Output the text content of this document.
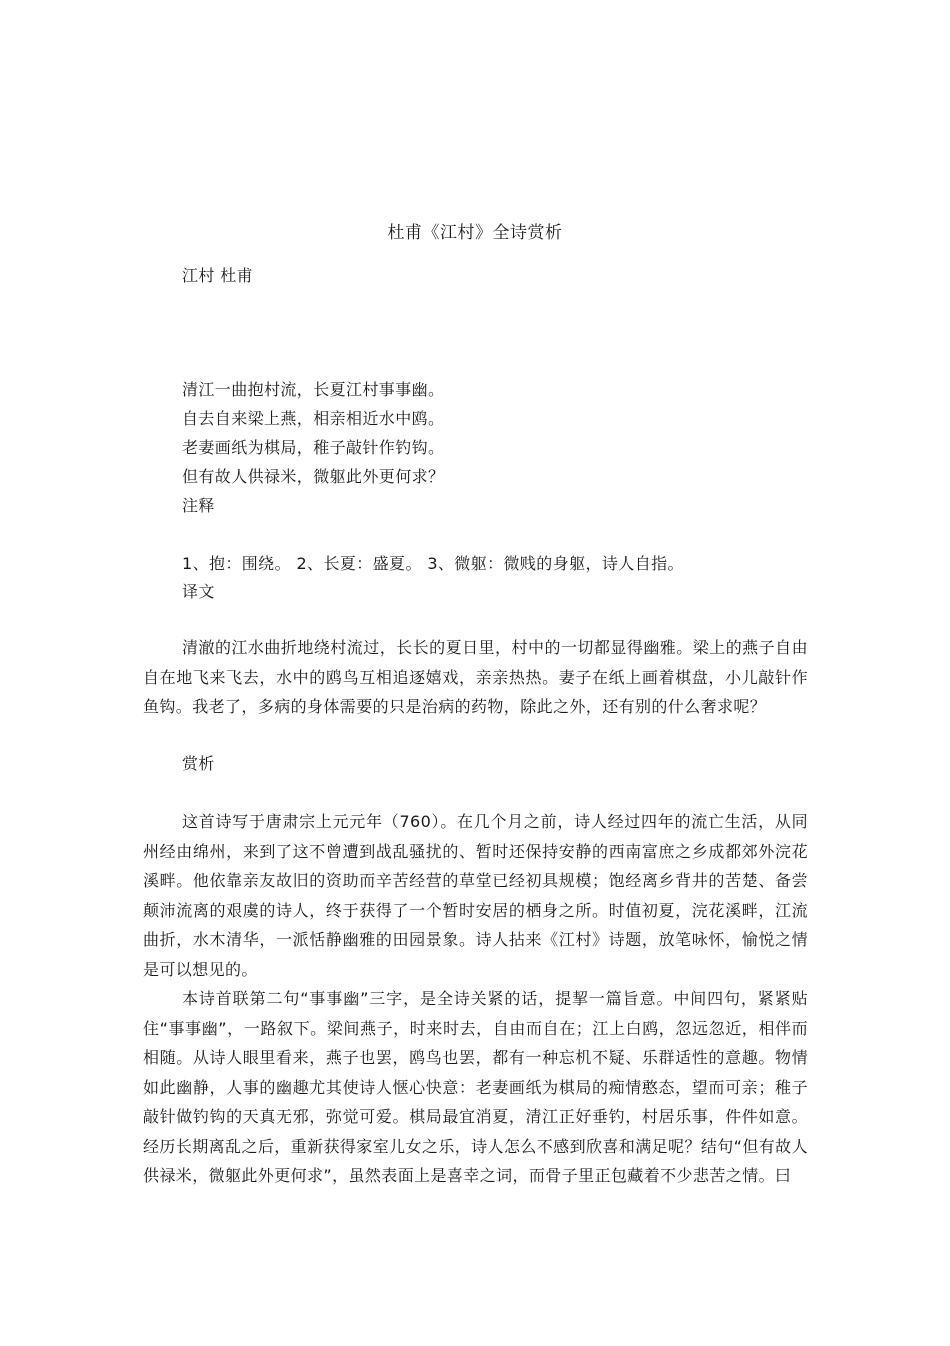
杜甫《江村》全诗赏析
江村 杜甫
清江一曲抱村流，长夏江村事事幽。
自去自来梁上燕，相亲相近水中鸥。
老妻画纸为棋局，稚子敲针作钓钩。
但有故人供禄米，微躯此外更何求？
注释
1、抱：围绕。 2、长夏：盛夏。 3、微躯：微贱的身躯，诗人自指。
译文
清澈的江水曲折地绕村流过，长长的夏日里，村中的一切都显得幽雅。梁上的燕子自由自在地飞来飞去，水中的鸥鸟互相追逐嬉戏，亲亲热热。妻子在纸上画着棋盘，小儿敲针作鱼钩。我老了，多病的身体需要的只是治病的药物，除此之外，还有别的什么奢求呢？
赏析
这首诗写于唐肃宗上元元年（760）。在几个月之前，诗人经过四年的流亡生活，从同州经由绵州，来到了这不曾遭到战乱骚扰的、暂时还保持安静的西南富庶之乡成都郊外浣花溪畔。他依靠亲友故旧的资助而辛苦经营的草堂已经初具规模；饱经离乡背井的苦楚、备尝颠沛流离的艰虞的诗人，终于获得了一个暂时安居的栖身之所。时值初夏，浣花溪畔，江流曲折，水木清华，一派恬静幽雅的田园景象。诗人拈来《江村》诗题，放笔咏怀，愉悦之情是可以想见的。
本诗首联第二句“事事幽”三字，是全诗关紧的话，提挈一篇旨意。中间四句，紧紧贴住“事事幽”，一路叙下。梁间燕子，时来时去，自由而自在；江上白鸥，忽远忽近，相伴而相随。从诗人眼里看来，燕子也罢，鸥鸟也罢，都有一种忘机不疑、乐群适性的意趣。物情如此幽静，人事的幽趣尤其使诗人惬心快意：老妻画纸为棋局的痴情憨态，望而可亲；稚子敲针做钓钩的天真无邪，弥觉可爱。棋局最宜消夏，清江正好垂钓，村居乐事，件件如意。经历长期离乱之后，重新获得家室儿女之乐，诗人怎么不感到欣喜和满足呢？结句“但有故人供禄米，微躯此外更何求”，虽然表面上是喜幸之词，而骨子里正包藏着不少悲苦之情。曰
